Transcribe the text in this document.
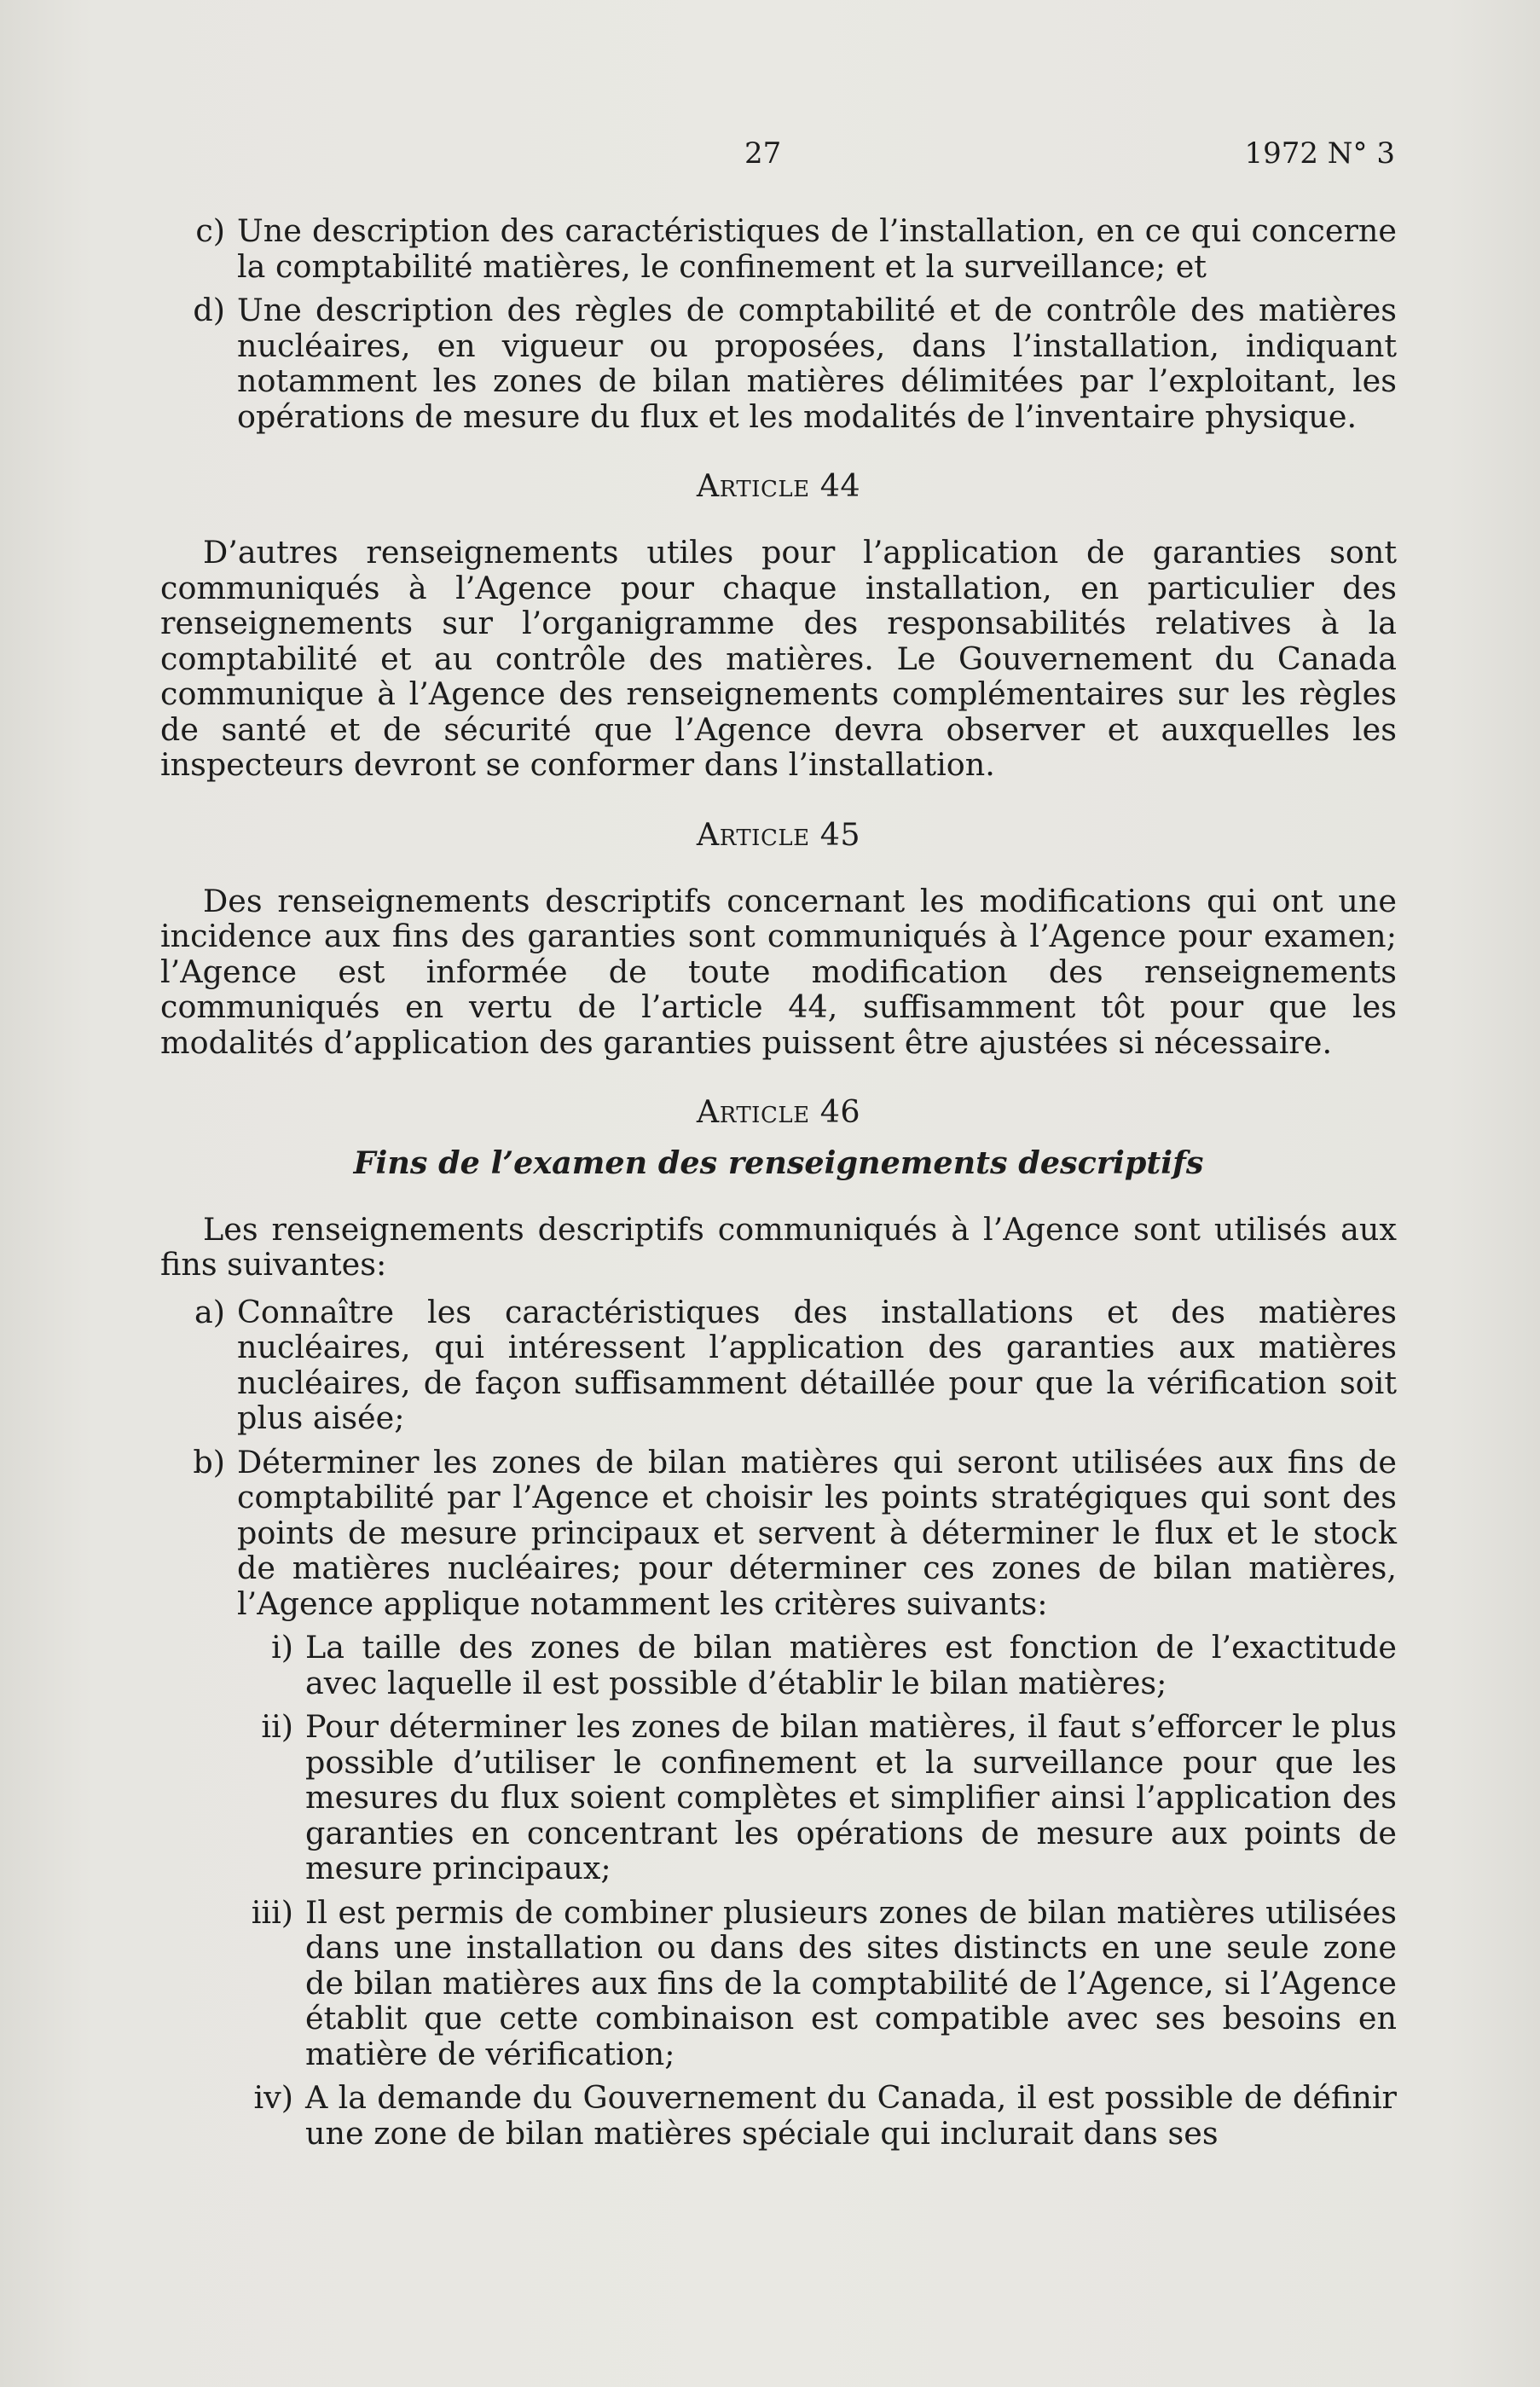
27	1972 N° 3
c) Une description des caractéristiques de l’installation, en ce qui concerne la comptabilité matières, le confinement et la surveillance; et
d) Une description des règles de comptabilité et de contrôle des matières nucléaires, en vigueur ou proposées, dans l’installation, indiquant notamment les zones de bilan matières délimitées par l’exploitant, les opérations de mesure du flux et les modalités de l’inventaire physique.
Article 44

D’autres renseignements utiles pour l’application de garanties sont communiqués à l’Agence pour chaque installation, en particulier des renseignements sur l’organigramme des responsabilités relatives à la comptabilité et au contrôle des matières. Le Gouvernement du Canada communique à l’Agence des renseignements complémentaires sur les règles de santé et de sécurité que l’Agence devra observer et auxquelles les inspecteurs devront se conformer dans l’installation.

Article 45

Des renseignements descriptifs concernant les modifications qui ont une incidence aux fins des garanties sont communiqués à l’Agence pour examen; l’Agence est informée de toute modification des renseignements communiqués en vertu de l’article 44, suffisamment tôt pour que les modalités d’application des garanties puissent être ajustées si nécessaire.

Article 46
Fins de l’examen des renseignements descriptifs

Les renseignements descriptifs communiqués à l’Agence sont utilisés aux fins suivantes:

a) Connaître les caractéristiques des installations et des matières nucléaires, qui intéressent l’application des garanties aux matières nucléaires, de façon suffisamment détaillée pour que la vérification soit plus aisée;
b) Déterminer les zones de bilan matières qui seront utilisées aux fins de comptabilité par l’Agence et choisir les points stratégiques qui sont des points de mesure principaux et servent à déterminer le flux et le stock de matières nucléaires; pour déterminer ces zones de bilan matières, l’Agence applique notamment les critères suivants:
i) La taille des zones de bilan matières est fonction de l’exactitude avec laquelle il est possible d’établir le bilan matières;
ii) Pour déterminer les zones de bilan matières, il faut s’efforcer le plus possible d’utiliser le confinement et la surveillance pour que les mesures du flux soient complètes et simplifier ainsi l’application des garanties en concentrant les opérations de mesure aux points de mesure principaux;
iii) Il est permis de combiner plusieurs zones de bilan matières utilisées dans une installation ou dans des sites distincts en une seule zone de bilan matières aux fins de la comptabilité de l’Agence, si l’Agence établit que cette combinaison est compatible avec ses besoins en matière de vérification;
iv) A la demande du Gouvernement du Canada, il est possible de définir une zone de bilan matières spéciale qui inclurait dans ses
